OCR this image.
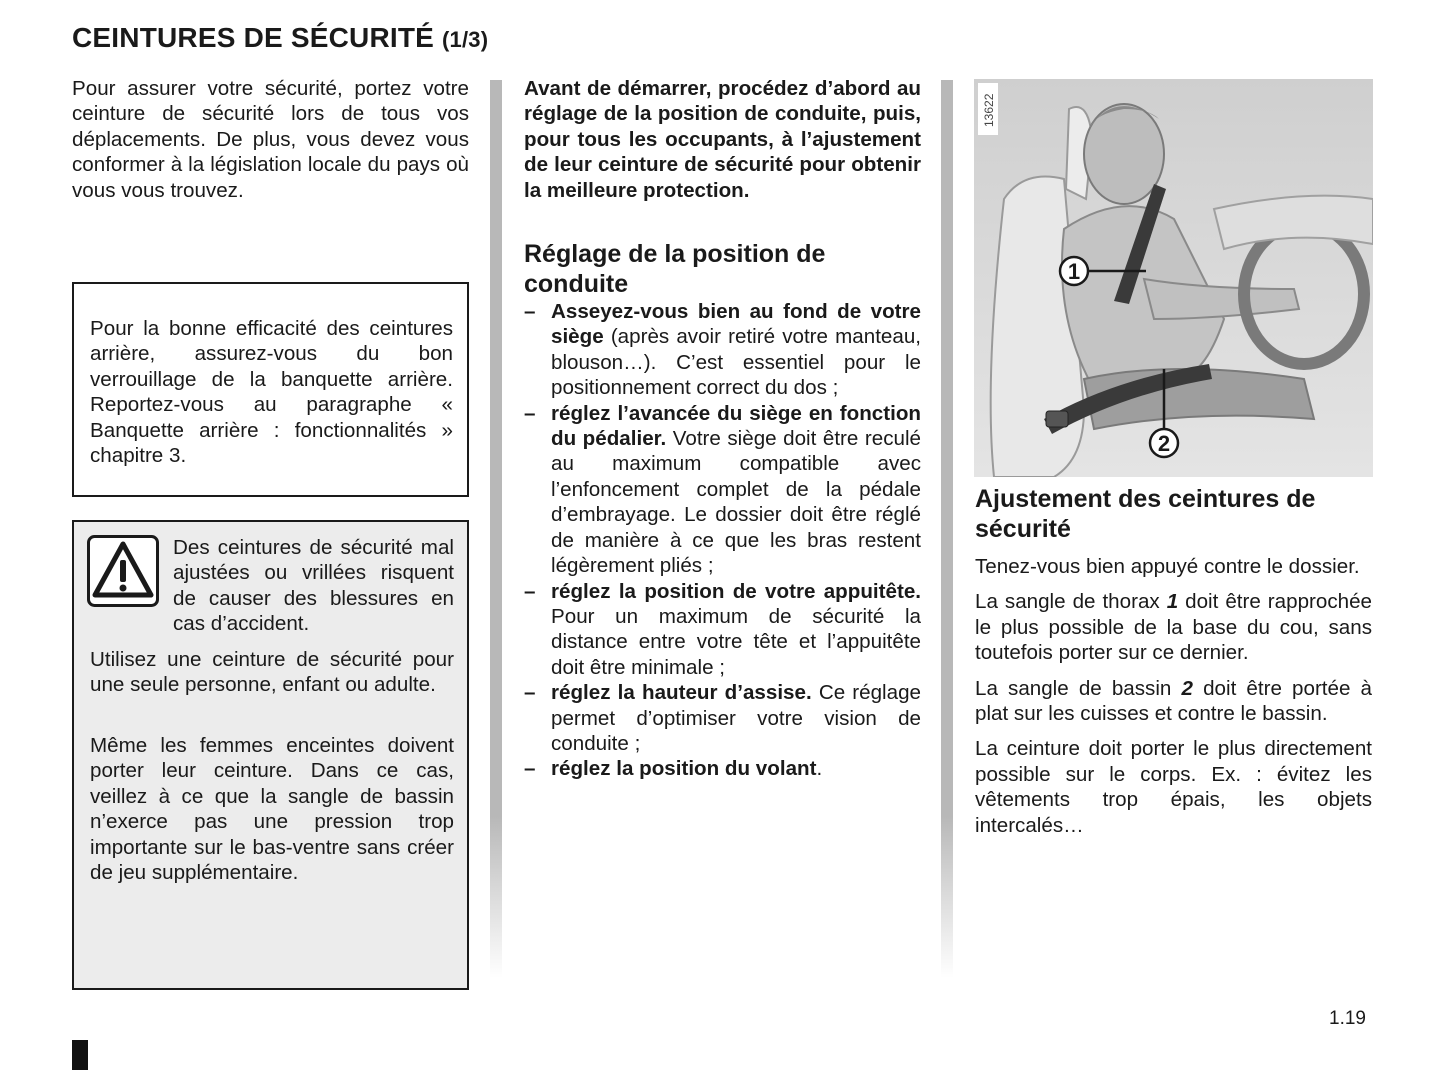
CEINTURES DE SÉCURITÉ (1/3)

Pour assurer votre sécurité, portez votre ceinture de sécurité lors de tous vos déplacements. De plus, vous devez vous conformer à la législation locale du pays où vous vous trouvez.

Pour la bonne efficacité des ceintures arrière, assurez-vous du bon verrouillage de la banquette arrière. Reportez-vous au paragraphe « Banquette arrière : fonctionnalités » chapitre 3.

Des ceintures de sécurité mal ajustées ou vrillées risquent de causer des blessures en cas d’accident.

Utilisez une ceinture de sécurité pour une seule personne, enfant ou adulte.

Même les femmes enceintes doivent porter leur ceinture. Dans ce cas, veillez à ce que la sangle de bassin n’exerce pas une pression trop importante sur le bas-ventre sans créer de jeu supplémentaire.

Avant de démarrer, procédez d’abord au réglage de la position de conduite, puis, pour tous les occupants, à l’ajustement de leur ceinture de sécurité pour obtenir la meilleure protection.

Réglage de la position de conduite
– Asseyez-vous bien au fond de votre siège (après avoir retiré votre manteau, blouson…). C’est essentiel pour le positionnement correct du dos ;
– réglez l’avancée du siège en fonction du pédalier. Votre siège doit être reculé au maximum compatible avec l’enfoncement complet de la pédale d’embrayage. Le dossier doit être réglé de manière à ce que les bras restent légèrement pliés ;
– réglez la position de votre appuitête. Pour un maximum de sécurité la distance entre votre tête et l’appuitête doit être minimale ;
– réglez la hauteur d’assise. Ce réglage permet d’optimiser votre vision de conduite ;
– réglez la position du volant.
1
2
13622
Ajustement des ceintures de sécurité

Tenez-vous bien appuyé contre le dossier.

La sangle de thorax 1 doit être rapprochée le plus possible de la base du cou, sans toutefois porter sur ce dernier.

La sangle de bassin 2 doit être portée à plat sur les cuisses et contre le bassin.

La ceinture doit porter le plus directement possible sur le corps. Ex. : évitez les vêtements trop épais, les objets intercalés…

1.19
